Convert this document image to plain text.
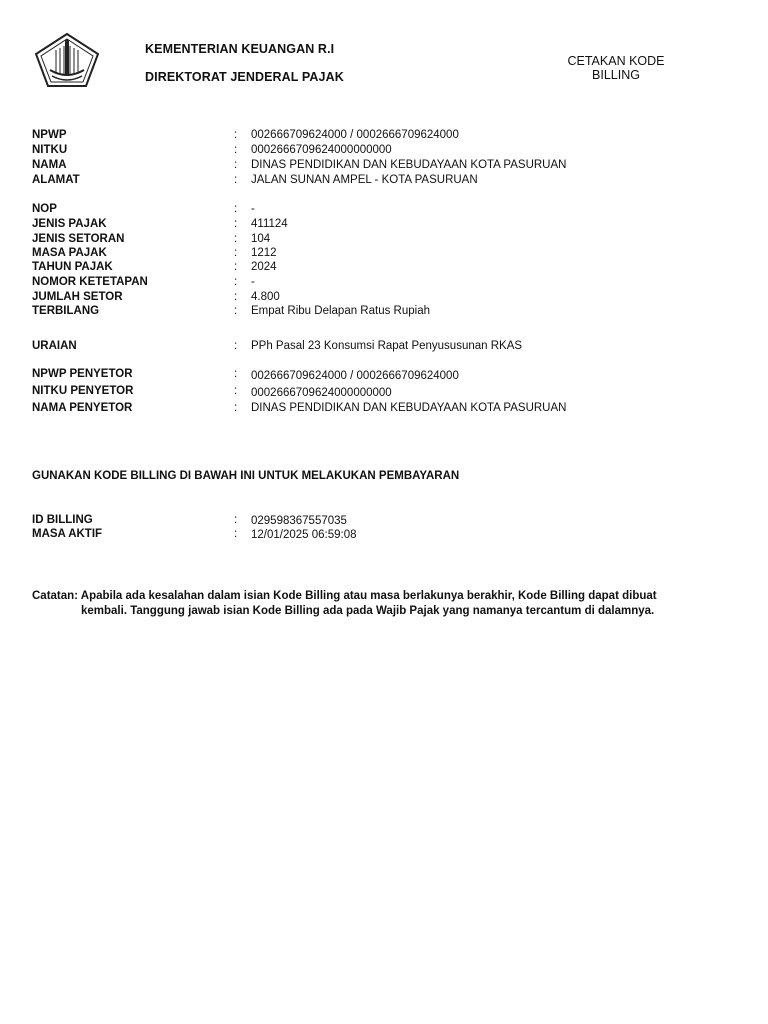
KEMENTERIAN KEUANGAN R.I
DIREKTORAT JENDERAL PAJAK
CETAKAN KODE
BILLING
NPWP	: 002666709624000 / 0002666709624000
NITKU	: 0002666709624000000000
NAMA	: DINAS PENDIDIKAN DAN KEBUDAYAAN KOTA PASURUAN
ALAMAT	: JALAN SUNAN AMPEL - KOTA PASURUAN
NOP	: -
JENIS PAJAK	: 411124
JENIS SETORAN	: 104
MASA PAJAK	: 1212
TAHUN PAJAK	: 2024
NOMOR KETETAPAN	: -
JUMLAH SETOR	: 4.800
TERBILANG	: Empat Ribu Delapan Ratus Rupiah
URAIAN	: PPh Pasal 23 Konsumsi Rapat Penyususunan RKAS
NPWP PENYETOR	: 002666709624000 / 0002666709624000
NITKU PENYETOR	: 0002666709624000000000
NAMA PENYETOR	: DINAS PENDIDIKAN DAN KEBUDAYAAN KOTA PASURUAN
GUNAKAN KODE BILLING DI BAWAH INI UNTUK MELAKUKAN PEMBAYARAN
ID BILLING	: 029598367557035
MASA AKTIF	: 12/01/2025 06:59:08
Catatan: Apabila ada kesalahan dalam isian Kode Billing atau masa berlakunya berakhir, Kode Billing dapat dibuat
kembali. Tanggung jawab isian Kode Billing ada pada Wajib Pajak yang namanya tercantum di dalamnya.
